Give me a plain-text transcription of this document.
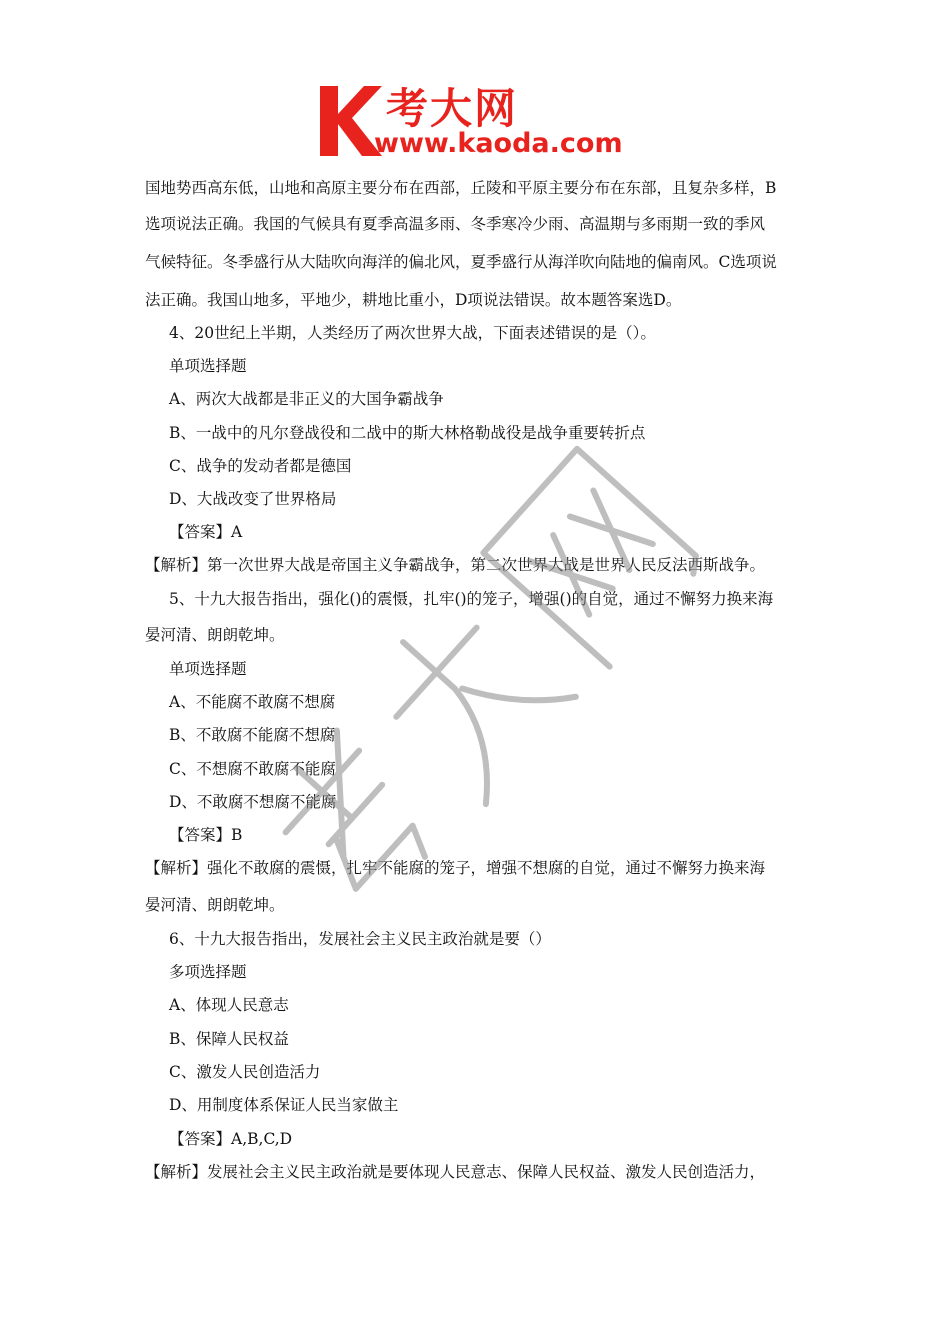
考大网
www.kaoda.com
国地势西高东低，山地和高原主要分布在西部，丘陵和平原主要分布在东部，且复杂多样，B
选项说法正确。我国的气候具有夏季高温多雨、冬季寒冷少雨、高温期与多雨期一致的季风
气候特征。冬季盛行从大陆吹向海洋的偏北风，夏季盛行从海洋吹向陆地的偏南风。C选项说
法正确。我国山地多，平地少，耕地比重小，D项说法错误。故本题答案选D。
4、20世纪上半期，人类经历了两次世界大战，下面表述错误的是（）。
单项选择题
A、两次大战都是非正义的大国争霸战争
B、一战中的凡尔登战役和二战中的斯大林格勒战役是战争重要转折点
C、战争的发动者都是德国
D、大战改变了世界格局
【答案】A
【解析】第一次世界大战是帝国主义争霸战争，第二次世界大战是世界人民反法西斯战争。
5、十九大报告指出，强化()的震慑，扎牢()的笼子，增强()的自觉，通过不懈努力换来海
晏河清、朗朗乾坤。
单项选择题
A、不能腐不敢腐不想腐
B、不敢腐不能腐不想腐
C、不想腐不敢腐不能腐
D、不敢腐不想腐不能腐
【答案】B
【解析】强化不敢腐的震慑，扎牢不能腐的笼子，增强不想腐的自觉，通过不懈努力换来海
晏河清、朗朗乾坤。
6、十九大报告指出，发展社会主义民主政治就是要（）
多项选择题
A、体现人民意志
B、保障人民权益
C、激发人民创造活力
D、用制度体系保证人民当家做主
【答案】A,B,C,D
【解析】发展社会主义民主政治就是要体现人民意志、保障人民权益、激发人民创造活力，
